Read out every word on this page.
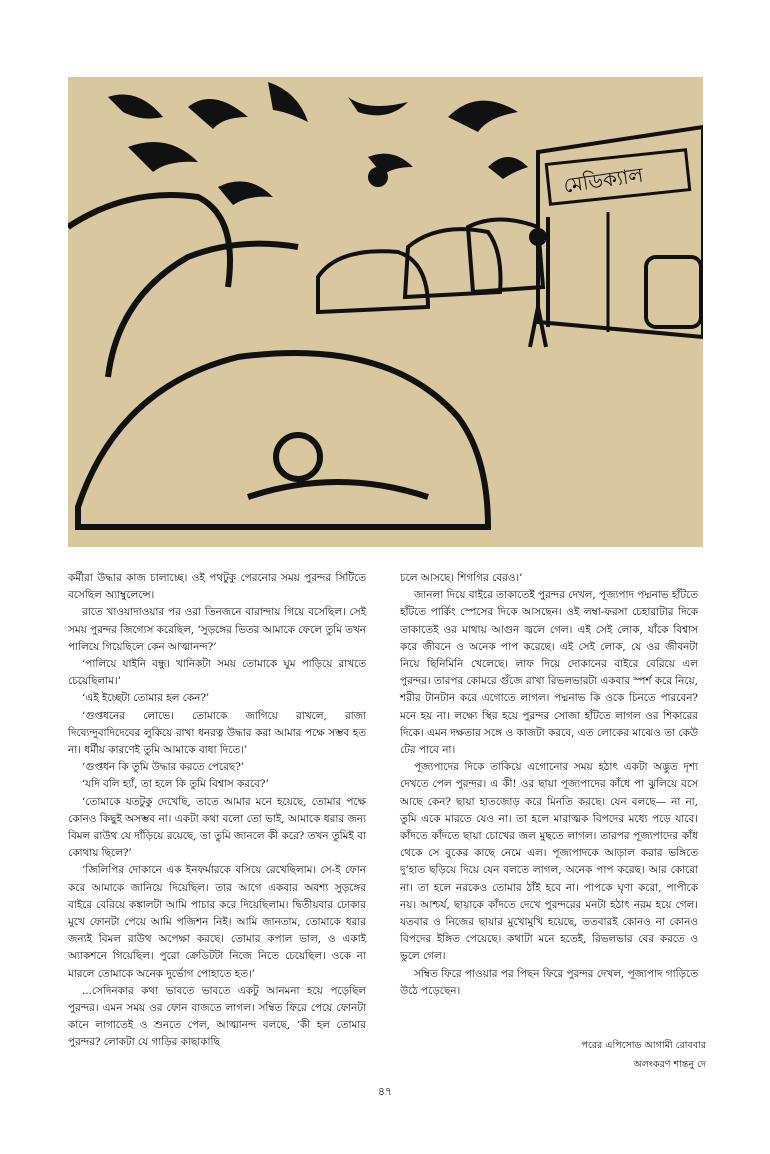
মেডিক্যাল

কর্মীরা উদ্ধার কাজ চালাচ্ছে। ওই পথটুকু পেরনোর সময় পুরন্দর সিটিতে বসেছিল অ্যাম্বুলেন্সে।

রাতে খাওয়াদাওয়ার পর ওরা তিনজনে বারান্দায় গিয়ে বসেছিল। সেই সময় পুরন্দর জিগ্যেস করেছিল, ‘সুড়ঙ্গের ভিতর আমাকে ফেলে তুমি তখন পালিয়ে গিয়েছিলে কেন আত্মানন্দ?’

‘পালিয়ে যাইনি বন্ধু। খানিকটা সময় তোমাকে ঘুম পাড়িয়ে রাখতে চেয়েছিলাম।’

‘এই ইচ্ছেটা তোমার হল কেন?’

‘গুপ্তধনের লোভে। তোমাকে জাগিয়ে রাখলে, রাজা দিব্যেন্দুবাদিদেবের লুকিয়ে রাখা ধনরত্ন উদ্ধার করা আমার পক্ষে সম্ভব হত না। ধর্মীয় কারণেই তুমি আমাকে বাধা দিতে।’

‘গুপ্তধন কি তুমি উদ্ধার করতে পেরেছ?’

‘যদি বলি হ্যাঁ, তা হলে কি তুমি বিশ্বাস করবে?’

‘তোমাকে যতটুকু দেখেছি, তাতে আমার মনে হয়েছে, তোমার পক্ষে কোনও কিছুই অসম্ভব না। একটা কথা বলো তো ভাই, আমাকে ধরার জন্য বিমল রাউথ যে দাঁড়িয়ে রয়েছে, তা তুমি জানলে কী করে? তখন তুমিই বা কোথায় ছিলে?’

‘জিলিপির দোকানে এক ইনফর্মারকে বসিয়ে রেখেছিলাম। সে-ই ফোন করে আমাকে জানিয়ে দিয়েছিল। তার আগে একবার অবশ্য সুড়ঙ্গের বাইরে বেরিয়ে কঙ্কালটা আমি পাচার করে দিয়েছিলাম। দ্বিতীয়বার ঢোকার মুখে ফোনটা পেয়ে আমি পজিশন নিই। আমি জানতাম, তোমাকে ধরার জন্যই বিমল রাউথ অপেক্ষা করছে। তোমার কপাল ভাল, ও একাই অ্যাকশনে গিয়েছিল। পুরো ক্রেডিটটা নিজে নিতে চেয়েছিল। ওকে না মারলে তোমাকে অনেক দুর্ভোগ পোহাতে হত।’

...সেদিনকার কথা ভাবতে ভাবতে একটু আনমনা হয়ে পড়েছিল পুরন্দর। এমন সময় ওর ফোন বাজতে লাগল। সম্বিত ফিরে পেয়ে ফোনটা কানে লাগাতেই ও শুনতে পেল, আত্মানন্দ বলছে, ‘কী হল তোমার পুরন্দর? লোকটা যে গাড়ির কাছাকাছি

চলে আসছে। শিগগির বেরও।’

জানলা দিয়ে বাইরে তাকাতেই পুরন্দর দেখল, পূজ্যপাদ পদ্মনাভ হাঁটতে হাঁটতে পার্কিং স্পেসের দিকে আসছেন। ওই লম্বা-ফরসা চেহারাটার দিকে তাকাতেই ওর মাথায় আগুন জ্বলে গেল। এই সেই লোক, যাঁকে বিশ্বাস করে জীবনে ও অনেক পাপ করেছে। এই সেই লোক, যে ওর জীবনটা নিয়ে ছিনিমিনি খেলেছে। লাফ দিয়ে দোকানের বাইরে বেরিয়ে এল পুরন্দর। তারপর কোমরে গুঁজে রাখা রিভলভারটা একবার স্পর্শ করে নিয়ে, শরীর টানটান করে এগোতে লাগল। পদ্মনাভ কি ওকে চিনতে পারবেন? মনে হয় না। লক্ষ্যে স্থির হয়ে পুরন্দর সোজা হাঁটতে লাগল ওর শিকারের দিকে। এমন দক্ষতার সঙ্গে ও কাজটা করবে, এত লোকের মাঝেও তা কেউ টের পাবে না।

পূজ্যপাদের দিকে তাকিয়ে এগোনোর সময় হঠাৎ একটা অদ্ভুত দৃশ্য দেখতে পেল পুরন্দর। এ কী! ওর ছায়া পূজ্যপাদের কাঁধে পা ঝুলিয়ে বসে আছে কেন? ছায়া হাতজোড় করে মিনতি করছে। যেন বলছে— না না, তুমি একে মারতে যেও না। তা হলে মারাত্মক বিপদের মধ্যে পড়ে যাবে। কাঁদতে কাঁদতে ছায়া চোখের জল মুছতে লাগল। তারপর পূজ্যপাদের কাঁধ থেকে সে বুকের কাছে নেমে এল। পূজ্যপাদকে আড়াল করার ভঙ্গিতে দু’হাত ছড়িয়ে দিয়ে যেন বলতে লাগল, অনেক পাপ করেছ। আর কোরো না। তা হলে নরকেও তোমার ঠাঁই হবে না। পাপকে ঘৃণা করো, পাপীকে নয়। আশ্চর্য, ছায়াকে কাঁদতে দেখে পুরন্দরের মনটা হঠাৎ নরম হয়ে গেল। যতবার ও নিজের ছায়ার মুখোমুখি হয়েছে, ততবারই কোনও না কোনও বিপদের ইঙ্গিত পেয়েছে। কথাটা মনে হতেই, রিভলভার বের করতে ও ভুলে গেল।

সম্বিত ফিরে পাওয়ার পর পিছন ফিরে পুরন্দর দেখল, পূজ্যপাদ গাড়িতে উঠে পড়েছেন।

পরের এপিসোড আগামী রোববার
অলংকরণ শান্তনু দে
৪৭
